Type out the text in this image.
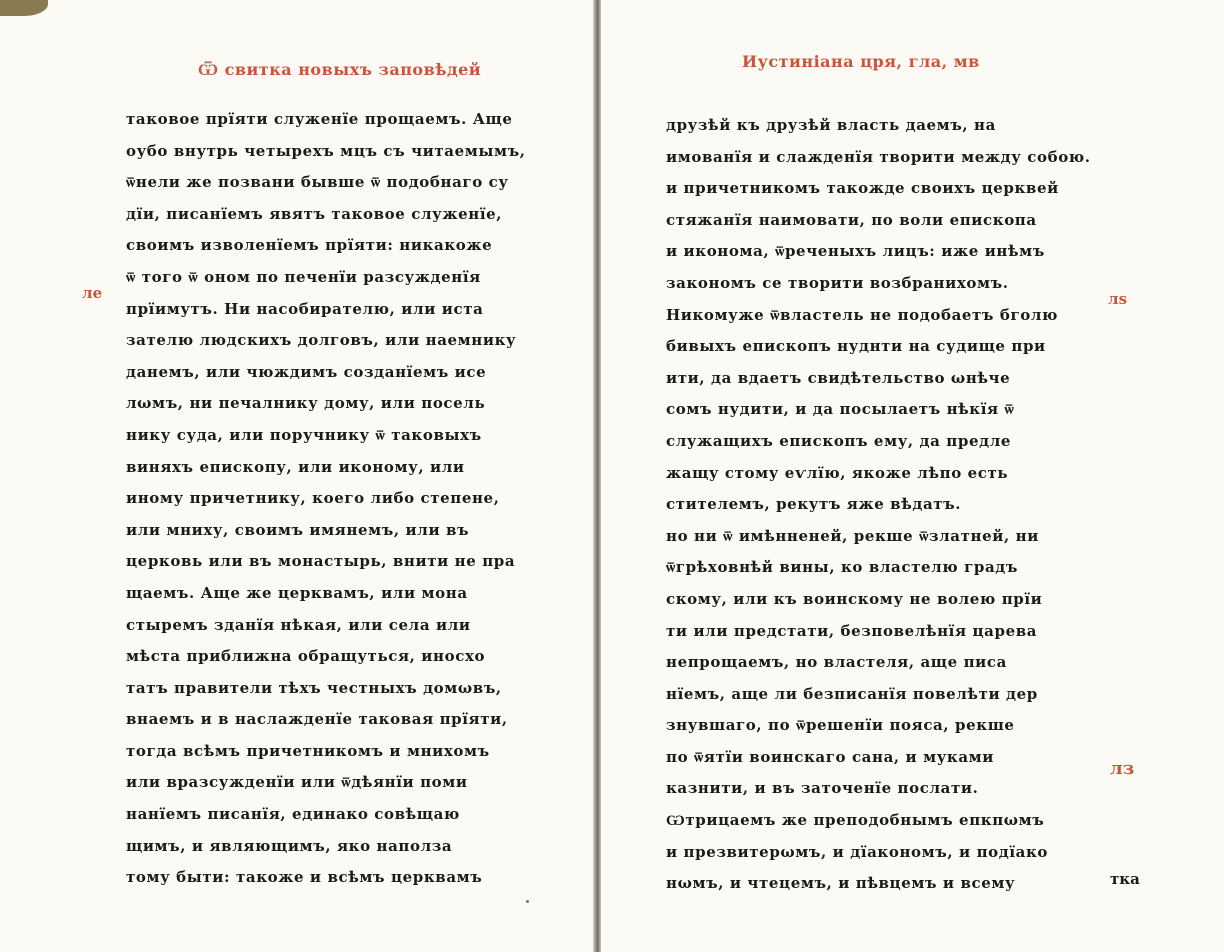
Ѿ свитка новыхъ заповѣдей	Иустиніана цря, гла, мв
ле	лѕ
лз
таковое прїяти служенїе прощаемъ. Аще
оубо внутрь четырехъ мцъ съ читаемымъ,
ѿнели же позвани бывше ѿ подобнаго су
дїи, писанїемъ явятъ таковое служенїе,
своимъ изволенїемъ прїяти: никакоже
ѿ того ѿ оном по печенїи разсужденїя
прїимутъ. Ни насобирателю, или иста
зателю людскихъ долговъ, или наемнику
данемъ, или чюждимъ созданїемъ исе
лωмъ, ни печалнику дому, или посель
нику суда, или поручнику ѿ таковыхъ
виняхъ епископу, или иконому, или
иному причетнику, коего либо степене,
или мниху, своимъ имянемъ, или въ
церковь или въ монастырь, внити не пра
щаемъ. Аще же церквамъ, или мона
стыремъ зданїя нѣкая, или села или
мѣста приближна обращуться, иносхо
татъ правители тѣхъ честныхъ домωвъ,
внаемъ и в наслажденїе таковая прїяти,
тогда всѣмъ причетникомъ и мнихомъ
или вразсужденїи или ѿдѣянїи поми
нанїемъ писанїя, единако совѣщаю
щимъ, и являющимъ, яко наполза
тому быти: такоже и всѣмъ церквамъ
друзѣй къ друзѣй власть даемъ, на
имованїя и слажденїя творити между собою.
и причетникомъ такожде своихъ церквей
стяжанїя наимовати, по воли епископа
и иконома, ѿреченыхъ лицъ: иже инѣмъ
закономъ се творити возбранихомъ.
Никомуже ѿвластель не подобаетъ бголю
бивыхъ епископъ нуднти на судище при
ити, да вдаетъ свидѣтельство ωнѣче
сомъ нудити, и да посылаетъ нѣкїя ѿ
служащихъ епископъ ему, да предле
жащу стому еѵлїю, якоже лѣпо есть
стителемъ, рекутъ яже вѣдатъ.
но ни ѿ имѣнненей, рекше ѿзлатней, ни
ѿгрѣховнѣй вины, ко властелю градъ
скому, или къ воинскому не волею прїи
ти или предстати, безповелѣнїя царева
непрощаемъ, но властеля, аще писа
нїемъ, аще ли безписанїя повелѣти дер
знувшаго, по ѿрешенїи пояса, рекше
по ѿятїи воинскаго сана, и муками
казнити, и въ заточенїе послати.
Ѡтрицаемъ же преподобнымъ епкпωмъ
и презвитерωмъ, и дїакономъ, и подїако
нωмъ, и чтецемъ, и пѣвцемъ и всему	тка
